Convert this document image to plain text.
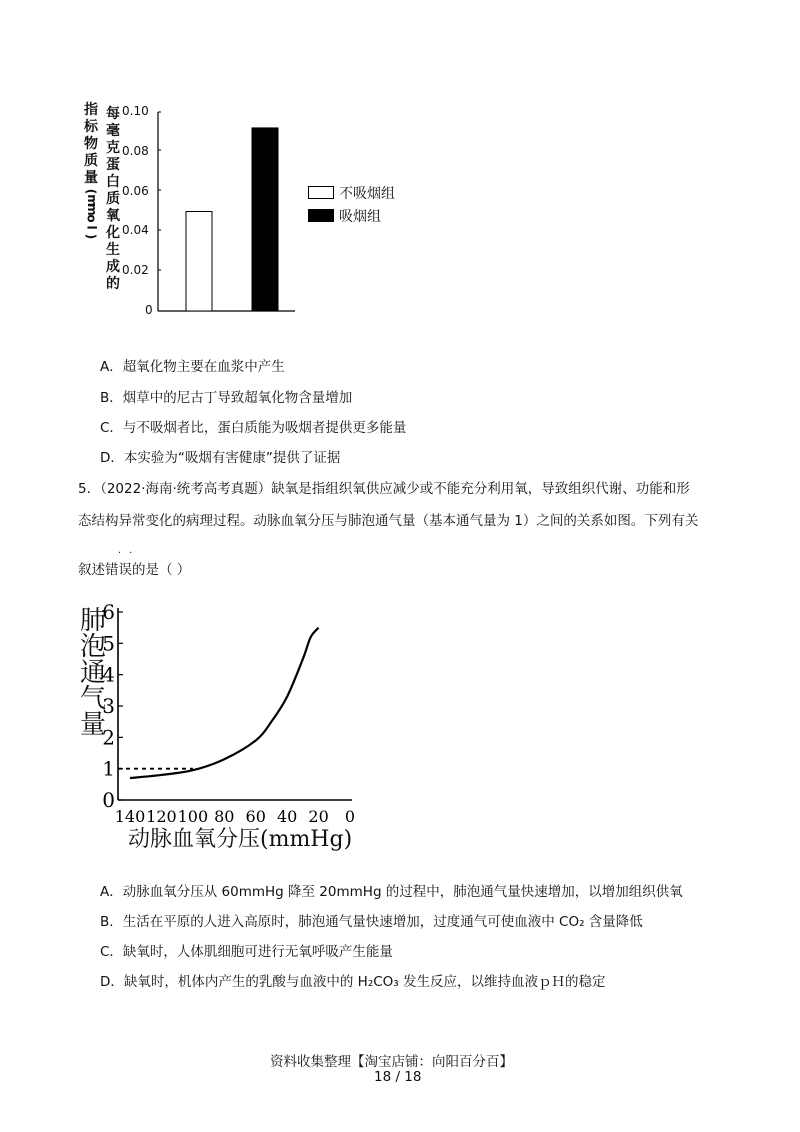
指
标
物
质
量
(
m
m
o
l
)
每
毫
克
蛋
白
质
氧
化
生
成
的
0.10
0.08
0.06
0.04
0.02
0
不吸烟组
吸烟组
A．超氧化物主要在血浆中产生
B．烟草中的尼古丁导致超氧化物含量增加
C．与不吸烟者比，蛋白质能为吸烟者提供更多能量
D．本实验为“吸烟有害健康”提供了证据
5．（2022·海南·统考高考真题）缺氧是指组织氧供应减少或不能充分利用氧，导致组织代谢、功能和形
态结构异常变化的病理过程。动脉血氧分压与肺泡通气量（基本通气量为 1）之间的关系如图。下列有关
叙述错误的是（ ）
··
肺
泡
通
气
量
0
1
2
3
4
5
6
140 120 100 80 60 40 20 0
动脉血氧分压(mmHg)
A．动脉血氧分压从 60mmHg 降至 20mmHg 的过程中，肺泡通气量快速增加，以增加组织供氧
B．生活在平原的人进入高原时，肺泡通气量快速增加，过度通气可使血液中 CO₂ 含量降低
C．缺氧时，人体肌细胞可进行无氧呼吸产生能量
D．缺氧时，机体内产生的乳酸与血液中的 H₂CO₃ 发生反应，以维持血液ｐＨ的稳定
资料收集整理【淘宝店铺：向阳百分百】
18 / 18
